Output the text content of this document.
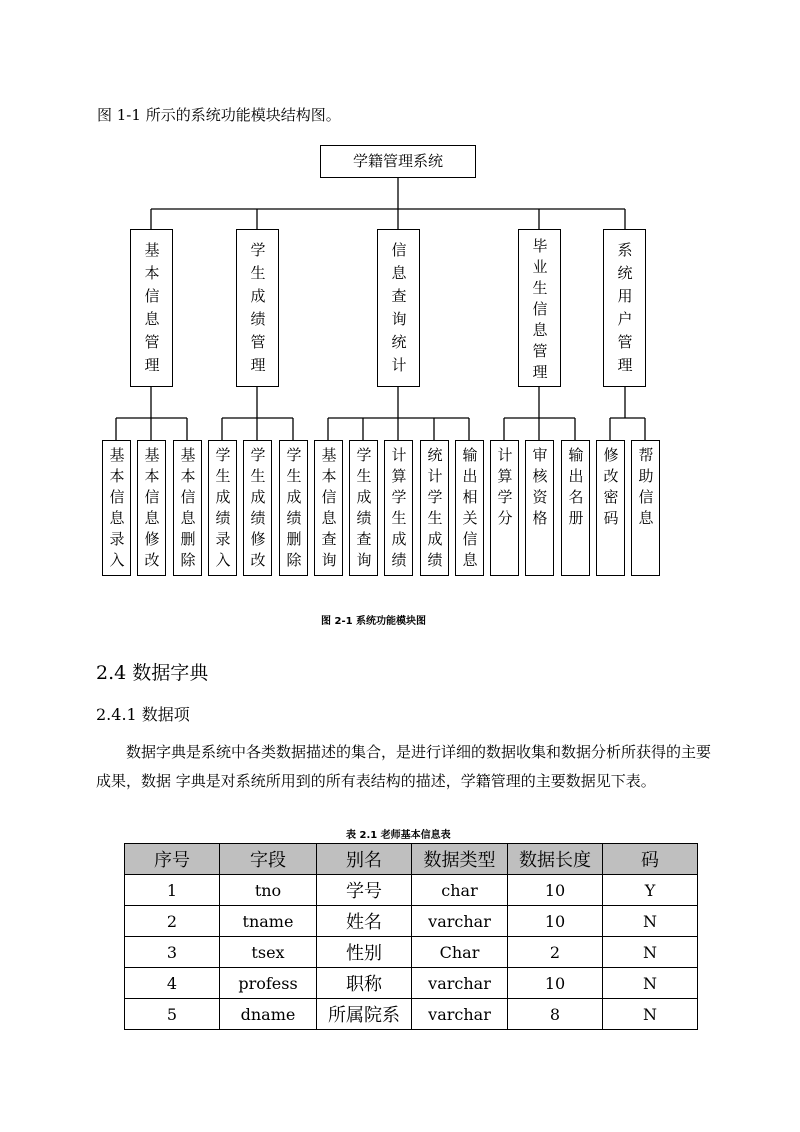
图 1-1 所示的系统功能模块结构图。
学籍管理系统
基本信息管理	学生成绩管理	信息查询统计	毕业生信息管理	系统用户管理
基本信息录入 基本信息修改 基本信息删除 学生成绩录入 学生成绩修改 学生成绩删除 基本信息查询 学生成绩查询 计算学生成绩 统计学生成绩 输出相关信息 计算学分 审核资格 输出名册 修改密码 帮助信息
图 2-1 系统功能模块图
2.4 数据字典
2.4.1 数据项

数据字典是系统中各类数据描述的集合，是进行详细的数据收集和数据分析所获得的主要成果，数据 字典是对系统所用到的所有表结构的描述，学籍管理的主要数据见下表。

表 2.1 老师基本信息表
序号	字段	别名	数据类型	数据长度	码
1	tno	学号	char	10	Y
2	tname	姓名	varchar	10	N
3	tsex	性别	Char	2	N
4	profess	职称	varchar	10	N
5	dname	所属院系	varchar	8	N
